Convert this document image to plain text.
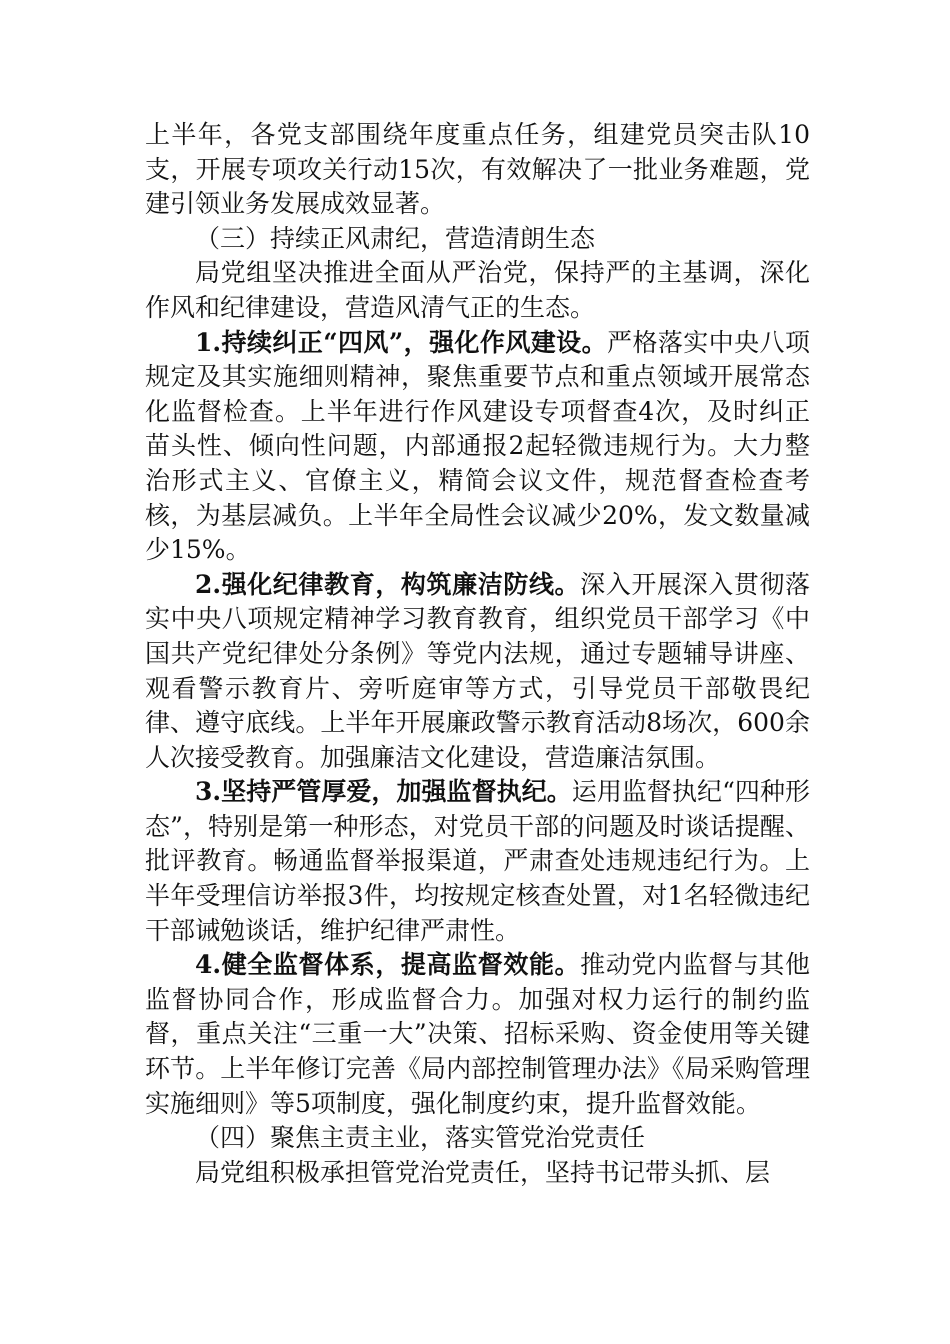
上半年，各党支部围绕年度重点任务，组建党员突击队10支，开展专项攻关行动15次，有效解决了一批业务难题，党建引领业务发展成效显著。

（三）持续正风肃纪，营造清朗生态

局党组坚决推进全面从严治党，保持严的主基调，深化作风和纪律建设，营造风清气正的生态。

1.持续纠正“四风”，强化作风建设。严格落实中央八项规定及其实施细则精神，聚焦重要节点和重点领域开展常态化监督检查。上半年进行作风建设专项督查4次，及时纠正苗头性、倾向性问题，内部通报2起轻微违规行为。大力整治形式主义、官僚主义，精简会议文件，规范督查检查考核，为基层减负。上半年全局性会议减少20%，发文数量减少15%。

2.强化纪律教育，构筑廉洁防线。深入开展深入贯彻落实中央八项规定精神学习教育教育，组织党员干部学习《中国共产党纪律处分条例》等党内法规，通过专题辅导讲座、观看警示教育片、旁听庭审等方式，引导党员干部敬畏纪律、遵守底线。上半年开展廉政警示教育活动8场次，600余人次接受教育。加强廉洁文化建设，营造廉洁氛围。

3.坚持严管厚爱，加强监督执纪。运用监督执纪“四种形态”，特别是第一种形态，对党员干部的问题及时谈话提醒、批评教育。畅通监督举报渠道，严肃查处违规违纪行为。上半年受理信访举报3件，均按规定核查处置，对1名轻微违纪干部诫勉谈话，维护纪律严肃性。

4.健全监督体系，提高监督效能。推动党内监督与其他监督协同合作，形成监督合力。加强对权力运行的制约监督，重点关注“三重一大”决策、招标采购、资金使用等关键环节。上半年修订完善《局内部控制管理办法》《局采购管理实施细则》等5项制度，强化制度约束，提升监督效能。

（四）聚焦主责主业，落实管党治党责任

局党组积极承担管党治党责任，坚持书记带头抓、层
